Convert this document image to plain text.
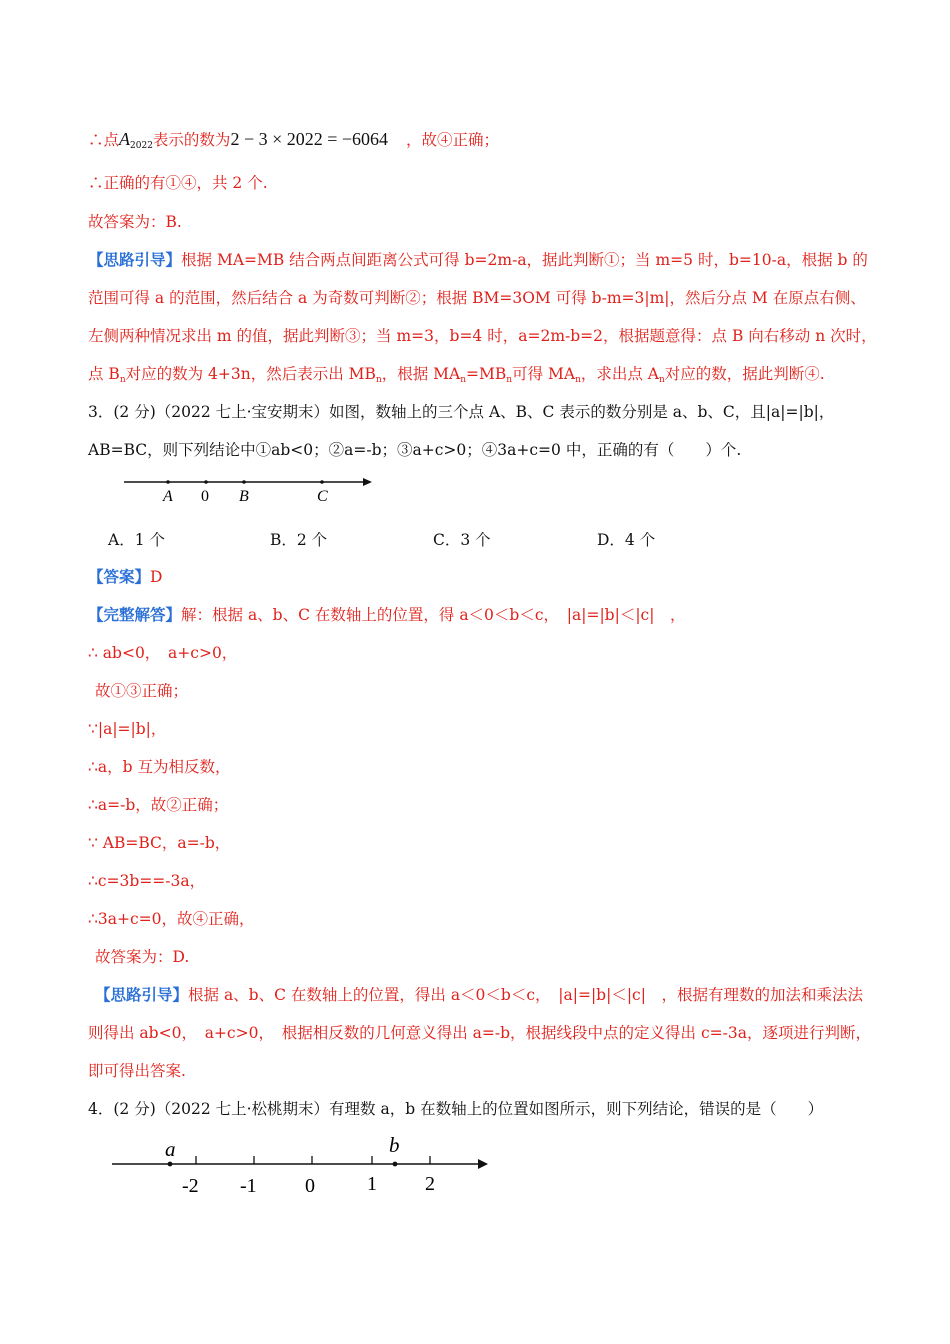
∴点$A_{2022}$表示的数为2 − 3 × 2022 = −6064 ，故④正确；
∴正确的有①④，共 2 个.
故答案为：B.
【思路引导】根据 MA=MB 结合两点间距离公式可得 b=2m-a，据此判断①；当 m=5 时，b=10-a，根据 b 的
范围可得 a 的范围，然后结合 a 为奇数可判断②；根据 BM=3OM 可得 b-m=3|m|，然后分点 M 在原点右侧、
左侧两种情况求出 m 的值，据此判断③；当 m=3，b=4 时，a=2m-b=2，根据题意得：点 B 向右移动 n 次时，
点 $B_n$对应的数为 4+3n，然后表示出 $MB_n$，根据 $MA_n=MB_n$可得 $MA_n$，求出点 $A_n$对应的数，据此判断④.
3．(2 分)（2022 七上·宝安期末）如图，数轴上的三个点 A、B、C 表示的数分别是 a、b、C，且|a|=|b|，
AB=BC，则下列结论中①ab<0；②a=-b；③a+c>0；④3a+c=0 中，正确的有（　　）个.
A 0 B	C
A．1 个	B．2 个	C．3 个	D．4 个
【答案】D
【完整解答】解：根据 a、b、C 在数轴上的位置，得 a＜0＜b＜c，　|a|=|b|＜|c|　，
∴ ab<0，　a+c>0，
故①③正确；
∵|a|=|b|，
∴a，b 互为相反数，
∴a=-b，故②正确；
∵ AB=BC，a=-b，
∴c=3b==-3a，
∴3a+c=0，故④正确，
故答案为：D.
【思路引导】根据 a、b、C 在数轴上的位置，得出 a＜0＜b＜c，　|a|=|b|＜|c|　，根据有理数的加法和乘法法
则得出 ab<0，　a+c>0，　根据相反数的几何意义得出 a=-b，根据线段中点的定义得出 c=-3a，逐项进行判断，
即可得出答案.
4．(2 分)（2022 七上·松桃期末）有理数 a，b 在数轴上的位置如图所示，则下列结论，错误的是（　　）
a	b
-2 -1 0	1 2
